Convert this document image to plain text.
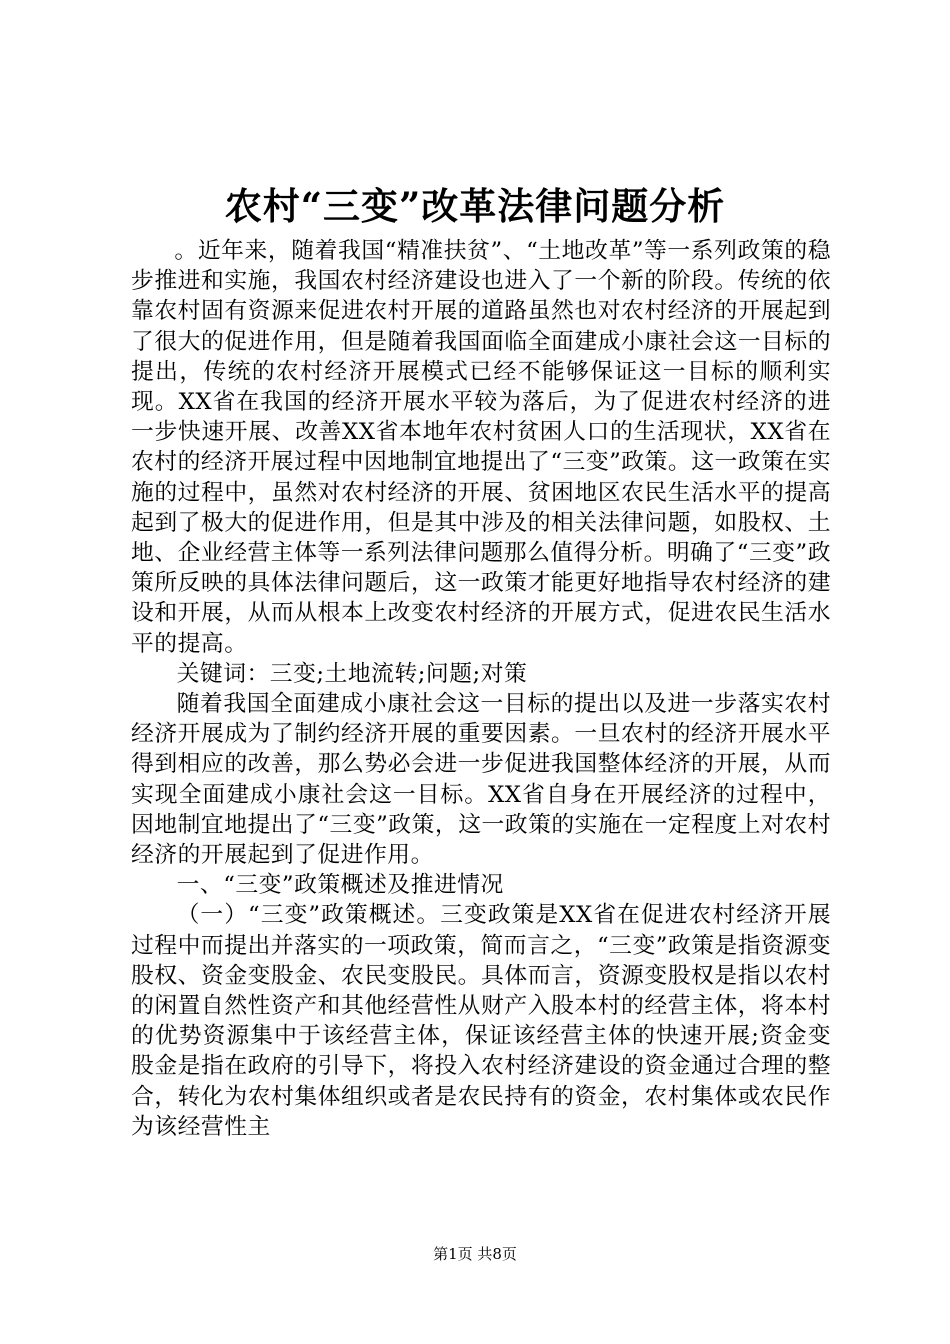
农村“三变”改革法律问题分析

。近年来，随着我国“精准扶贫”、“土地改革”等一系列政策的稳步推进和实施，我国农村经济建设也进入了一个新的阶段。传统的依靠农村固有资源来促进农村开展的道路虽然也对农村经济的开展起到了很大的促进作用，但是随着我国面临全面建成小康社会这一目标的提出，传统的农村经济开展模式已经不能够保证这一目标的顺利实现。XX省在我国的经济开展水平较为落后，为了促进农村经济的进一步快速开展、改善XX省本地年农村贫困人口的生活现状，XX省在农村的经济开展过程中因地制宜地提出了“三变”政策。这一政策在实施的过程中，虽然对农村经济的开展、贫困地区农民生活水平的提高起到了极大的促进作用，但是其中涉及的相关法律问题，如股权、土地、企业经营主体等一系列法律问题那么值得分析。明确了“三变”政策所反映的具体法律问题后，这一政策才能更好地指导农村经济的建设和开展，从而从根本上改变农村经济的开展方式，促进农民生活水平的提高。

关键词：三变;土地流转;问题;对策

随着我国全面建成小康社会这一目标的提出以及进一步落实农村经济开展成为了制约经济开展的重要因素。一旦农村的经济开展水平得到相应的改善，那么势必会进一步促进我国整体经济的开展，从而实现全面建成小康社会这一目标。XX省自身在开展经济的过程中，因地制宜地提出了“三变”政策，这一政策的实施在一定程度上对农村经济的开展起到了促进作用。

一、“三变”政策概述及推进情况

（一）“三变”政策概述。三变政策是XX省在促进农村经济开展过程中而提出并落实的一项政策，简而言之，“三变”政策是指资源变股权、资金变股金、农民变股民。具体而言，资源变股权是指以农村的闲置自然性资产和其他经营性从财产入股本村的经营主体，将本村的优势资源集中于该经营主体，保证该经营主体的快速开展;资金变股金是指在政府的引导下，将投入农村经济建设的资金通过合理的整合，转化为农村集体组织或者是农民持有的资金，农村集体或农民作为该经营性主

第1页 共8页
